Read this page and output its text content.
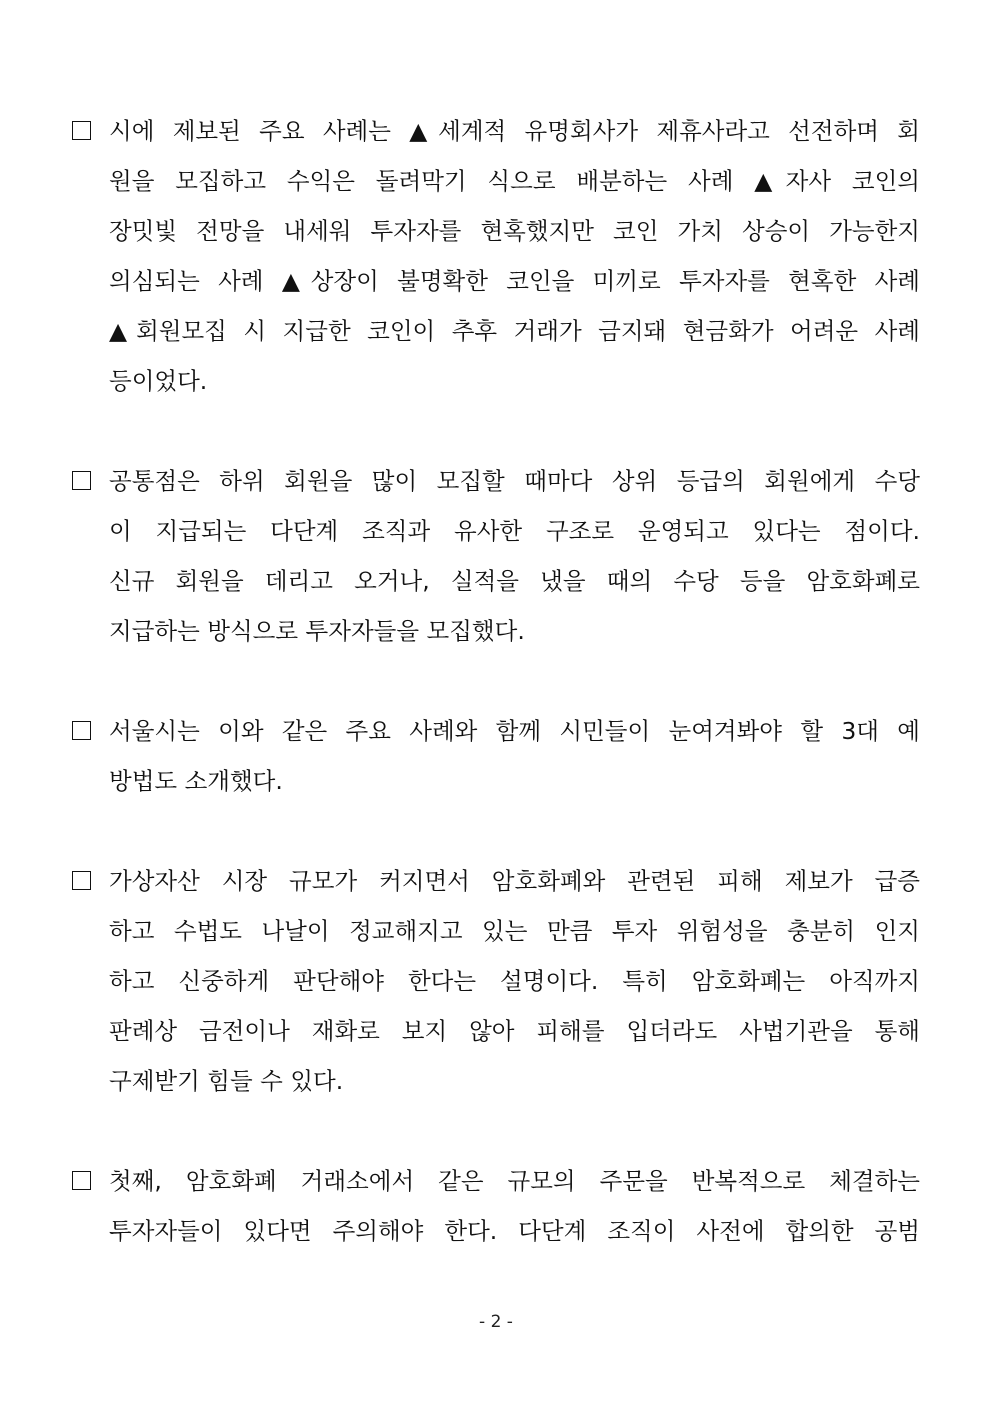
시에 제보된 주요 사례는 ▲세계적 유명회사가 제휴사라고 선전하며 회
원을 모집하고 수익은 돌려막기 식으로 배분하는 사례 ▲자사 코인의
장밋빛 전망을 내세워 투자자를 현혹했지만 코인 가치 상승이 가능한지
의심되는 사례 ▲상장이 불명확한 코인을 미끼로 투자자를 현혹한 사례
▲회원모집 시 지급한 코인이 추후 거래가 금지돼 현금화가 어려운 사례
등이었다.
공통점은 하위 회원을 많이 모집할 때마다 상위 등급의 회원에게 수당
이 지급되는 다단계 조직과 유사한 구조로 운영되고 있다는 점이다.
신규 회원을 데리고 오거나, 실적을 냈을 때의 수당 등을 암호화폐로
지급하는 방식으로 투자자들을 모집했다.
서울시는 이와 같은 주요 사례와 함께 시민들이 눈여겨봐야 할 3대 예
방법도 소개했다.
가상자산 시장 규모가 커지면서 암호화폐와 관련된 피해 제보가 급증
하고 수법도 나날이 정교해지고 있는 만큼 투자 위험성을 충분히 인지
하고 신중하게 판단해야 한다는 설명이다. 특히 암호화폐는 아직까지
판례상 금전이나 재화로 보지 않아 피해를 입더라도 사법기관을 통해
구제받기 힘들 수 있다.
첫째, 암호화폐 거래소에서 같은 규모의 주문을 반복적으로 체결하는
투자자들이 있다면 주의해야 한다. 다단계 조직이 사전에 합의한 공범
- 2 -
